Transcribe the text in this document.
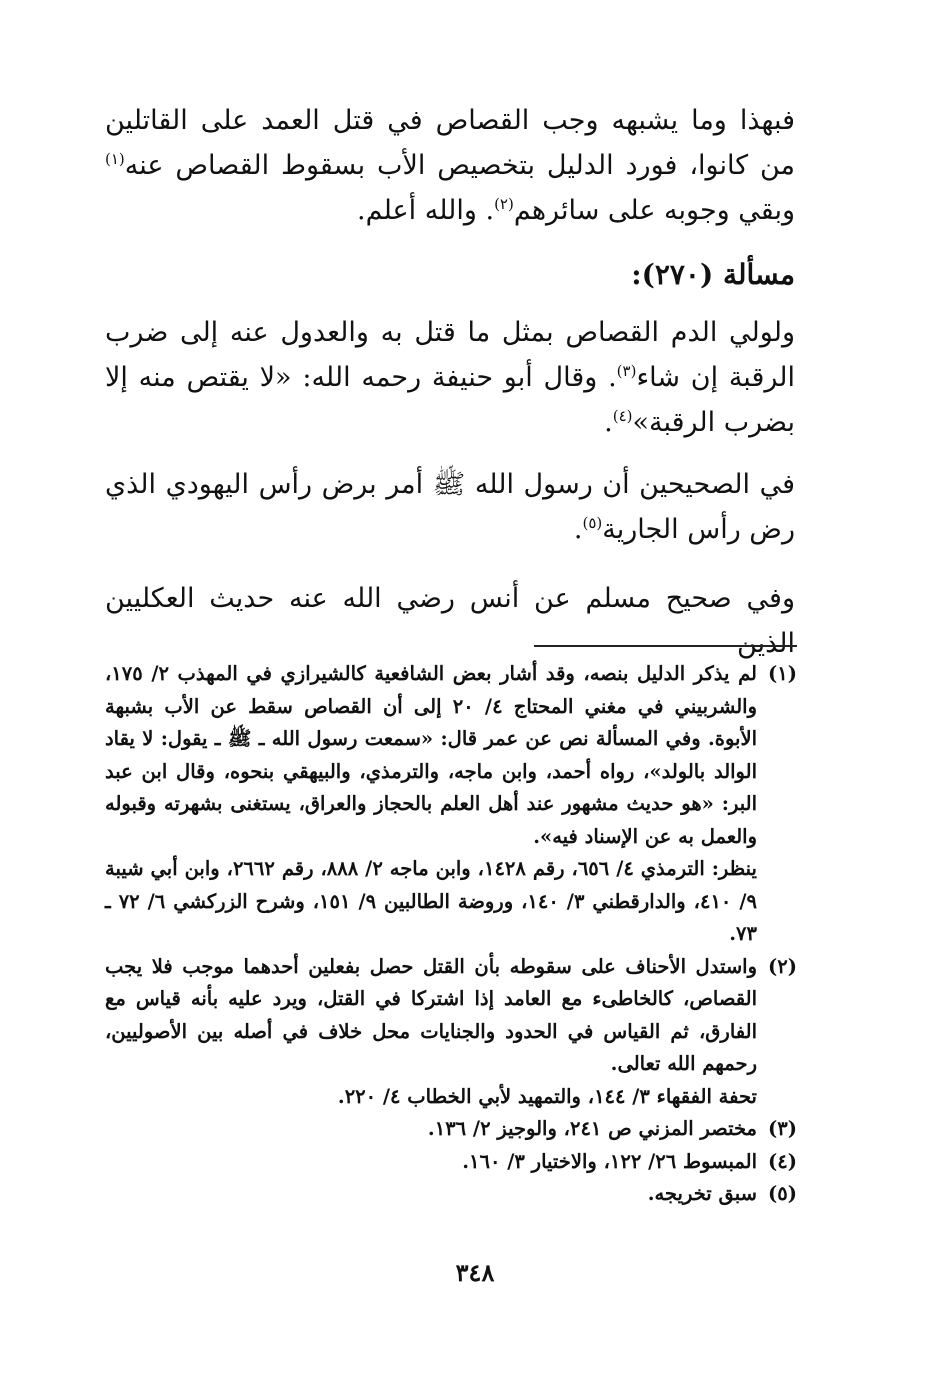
فبهذا وما يشبهه وجب القصاص في قتل العمد على القاتلين من كانوا، فورد الدليل بتخصيص الأب بسقوط القصاص عنه$^{(١)}$ وبقي وجوبه على سائرهم$^{(٢)}$. والله أعلم.

مسألة (٢٧٠):

ولولي الدم القصاص بمثل ما قتل به والعدول عنه إلى ضرب الرقبة إن شاء$^{(٣)}$. وقال أبو حنيفة رحمه الله: «لا يقتص منه إلا بضرب الرقبة»$^{(٤)}$.

في الصحيحين أن رسول الله ﷺ أمر برض رأس اليهودي الذي رض رأس الجارية$^{(٥)}$.

وفي صحيح مسلم عن أنس رضي الله عنه حديث العكليين الذين

(١)

لم يذكر الدليل بنصه، وقد أشار بعض الشافعية كالشيرازي في المهذب ٢/ ١٧٥، والشربيني في مغني المحتاج ٤/ ٢٠ إلى أن القصاص سقط عن الأب بشبهة الأبوة. وفي المسألة نص عن عمر قال: «سمعت رسول الله ـ ﷺ ـ يقول: لا يقاد الوالد بالولد»، رواه أحمد، وابن ماجه، والترمذي، والبيهقي بنحوه، وقال ابن عبد البر: «هو حديث مشهور عند أهل العلم بالحجاز والعراق، يستغنى بشهرته وقبوله والعمل به عن الإسناد فيه».

ينظر: الترمذي ٤/ ٦٥٦، رقم ١٤٢٨، وابن ماجه ٢/ ٨٨٨، رقم ٢٦٦٢، وابن أبي شيبة ٩/ ٤١٠، والدارقطني ٣/ ١٤٠، وروضة الطالبين ٩/ ١٥١، وشرح الزركشي ٦/ ٧٢ ـ ٧٣.

(٢)

واستدل الأحناف على سقوطه بأن القتل حصل بفعلين أحدهما موجب فلا يجب القصاص، كالخاطىء مع العامد إذا اشتركا في القتل، ويرد عليه بأنه قياس مع الفارق، ثم القياس في الحدود والجنايات محل خلاف في أصله بين الأصوليين، رحمهم الله تعالى.

تحفة الفقهاء ٣/ ١٤٤، والتمهيد لأبي الخطاب ٤/ ٢٢٠.

(٣)

مختصر المزني ص ٢٤١، والوجيز ٢/ ١٣٦.

(٤)

المبسوط ٢٦/ ١٢٢، والاختيار ٣/ ١٦٠.

(٥)

سبق تخريجه.

٣٤٨
